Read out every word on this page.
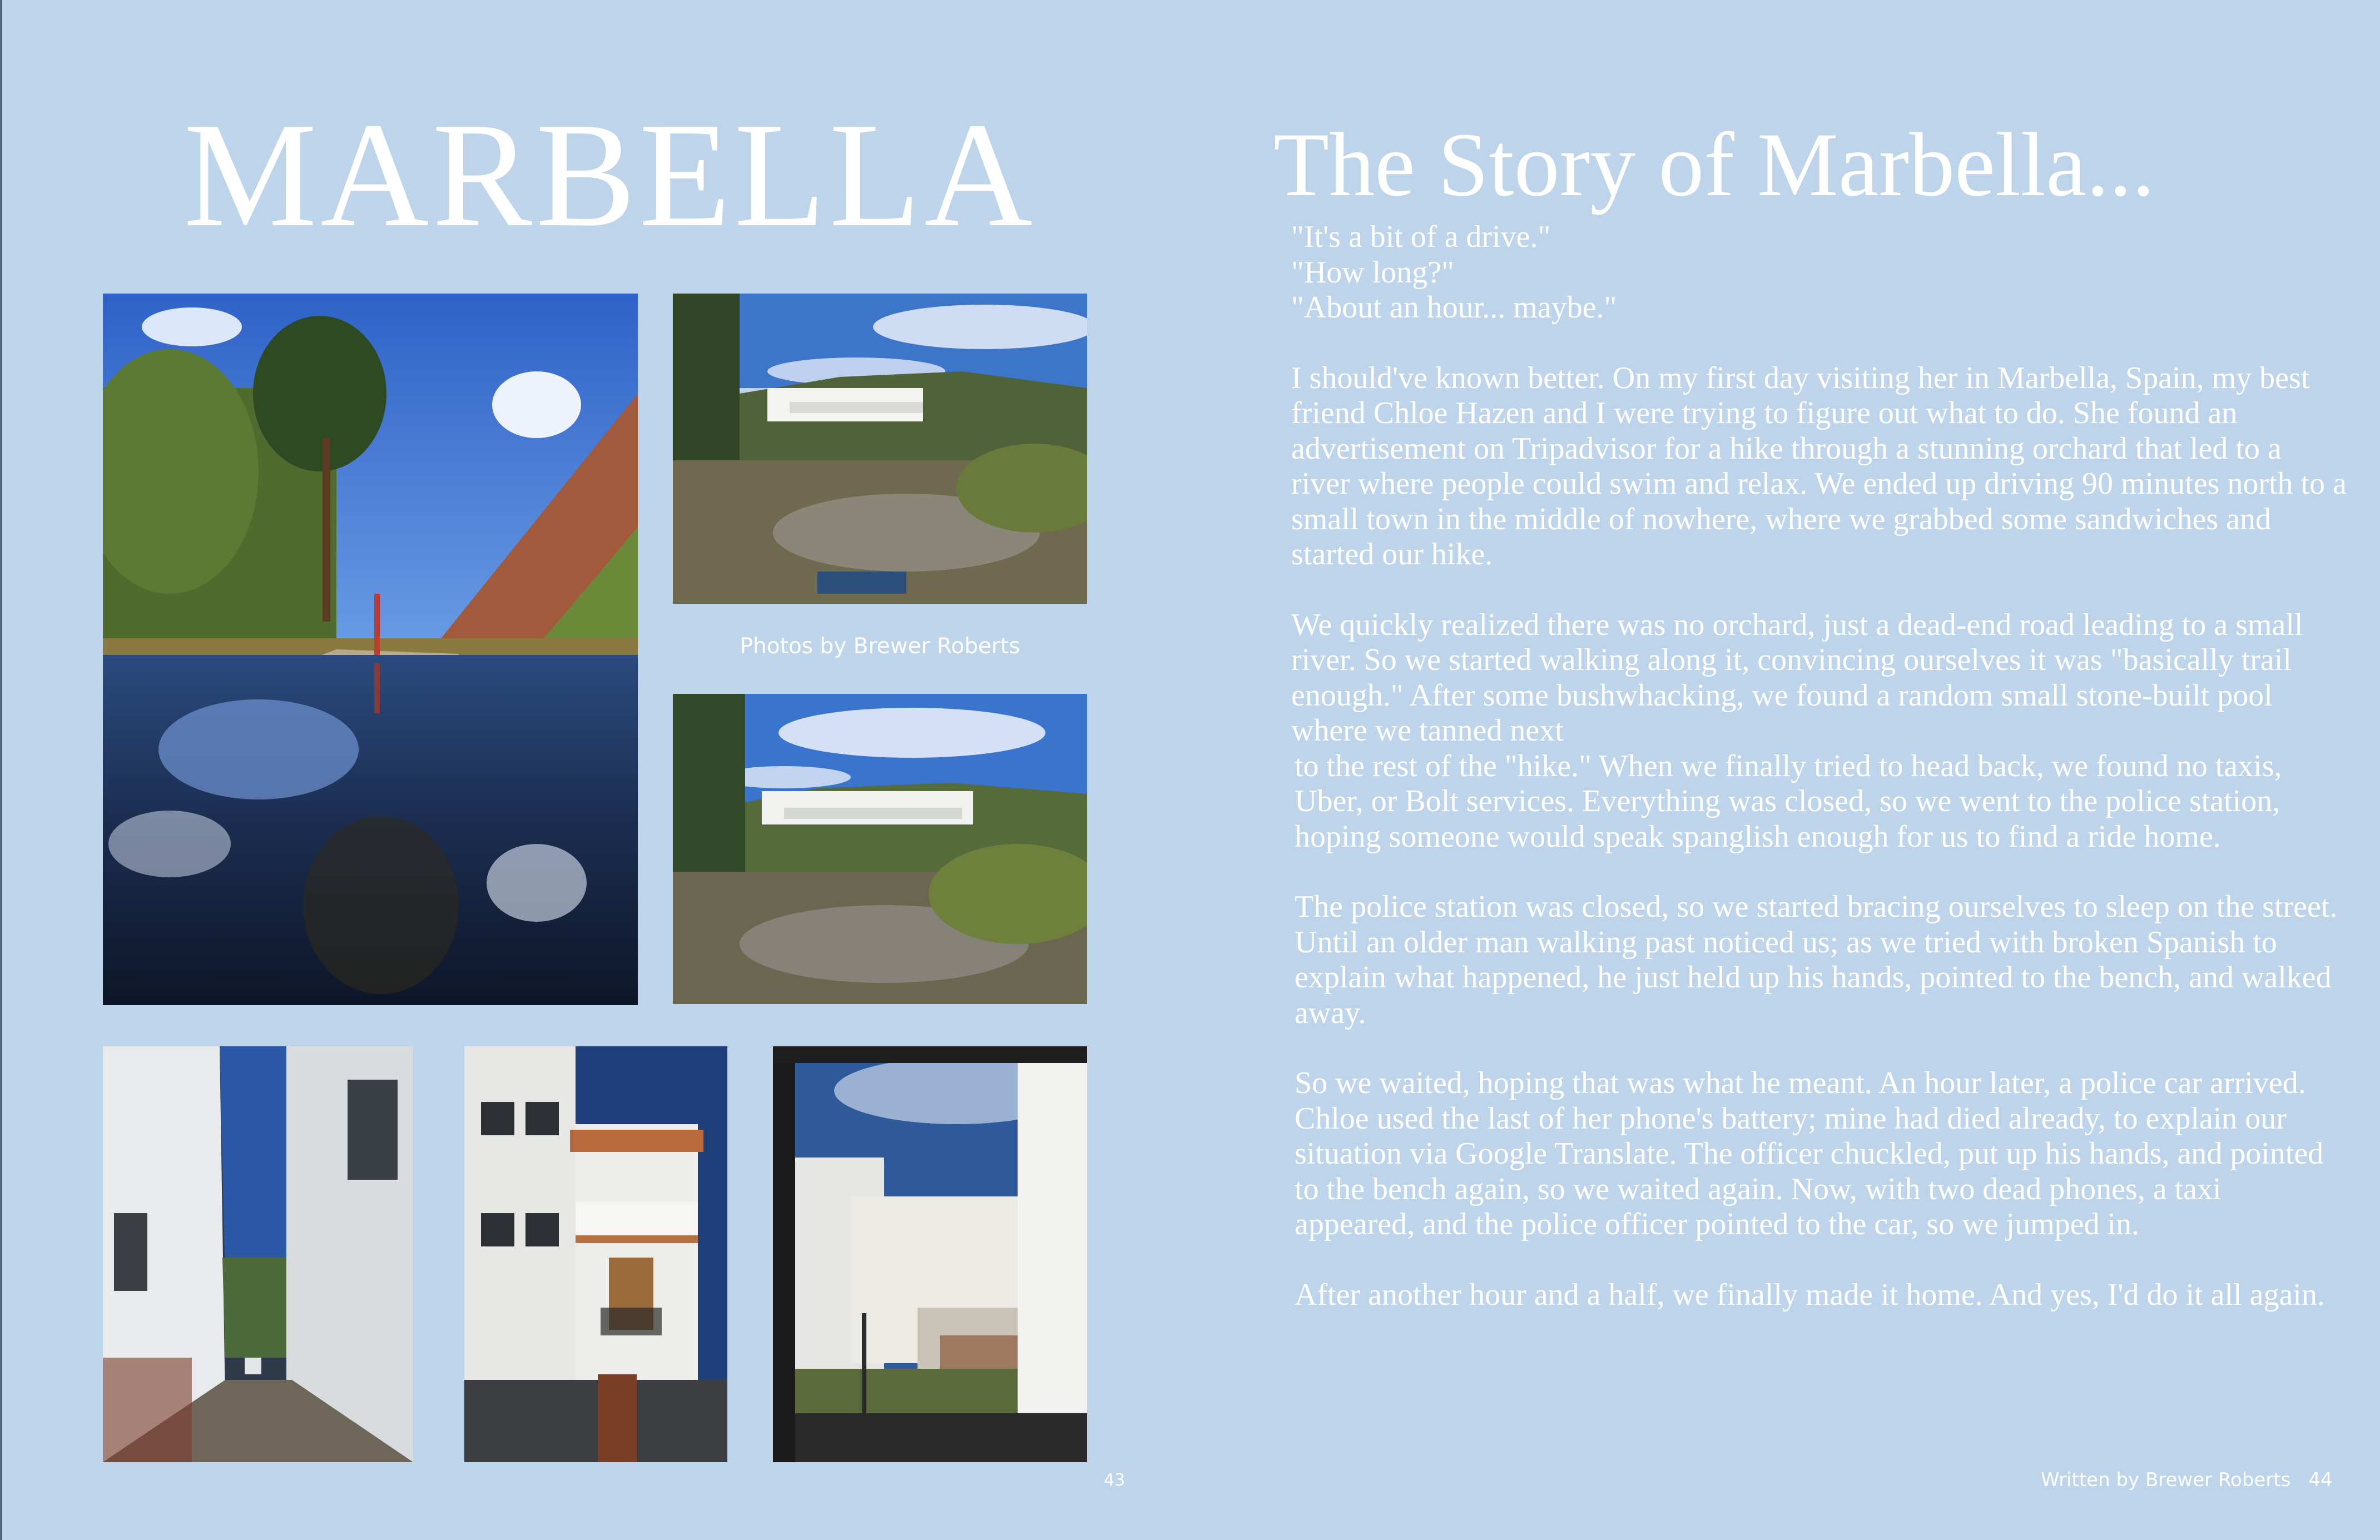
MARBELLA
Photos by Brewer Roberts
43
The Story of Marbella...
"It's a bit of a drive."
"How long?"
"About an hour... maybe."

I should've known better. On my first day visiting her in Marbella, Spain, my best friend Chloe Hazen and I were trying to figure out what to do. She found an advertisement on Tripadvisor for a hike through a stunning orchard that led to a river where people could swim and relax. We ended up driving 90 minutes north to a small town in the middle of nowhere, where we grabbed some sandwiches and started our hike.

We quickly realized there was no orchard, just a dead-end road leading to a small river. So we started walking along it, convincing ourselves it was "basically trail enough." After some bushwhacking, we found a random small stone-built pool where we tanned next

to the rest of the "hike." When we finally tried to head back, we found no taxis, Uber, or Bolt services. Everything was closed, so we went to the police station, hoping someone would speak spanglish enough for us to find a ride home.

The police station was closed, so we started bracing ourselves to sleep on the street. Until an older man walking past noticed us; as we tried with broken Spanish to explain what happened, he just held up his hands, pointed to the bench, and walked away.

So we waited, hoping that was what he meant. An hour later, a police car arrived. Chloe used the last of her phone's battery; mine had died already, to explain our situation via Google Translate. The officer chuckled, put up his hands, and pointed to the bench again, so we waited again. Now, with two dead phones, a taxi appeared, and the police officer pointed to the car, so we jumped in.

After another hour and a half, we finally made it home. And yes, I'd do it all again.

Written by Brewer Roberts 44
